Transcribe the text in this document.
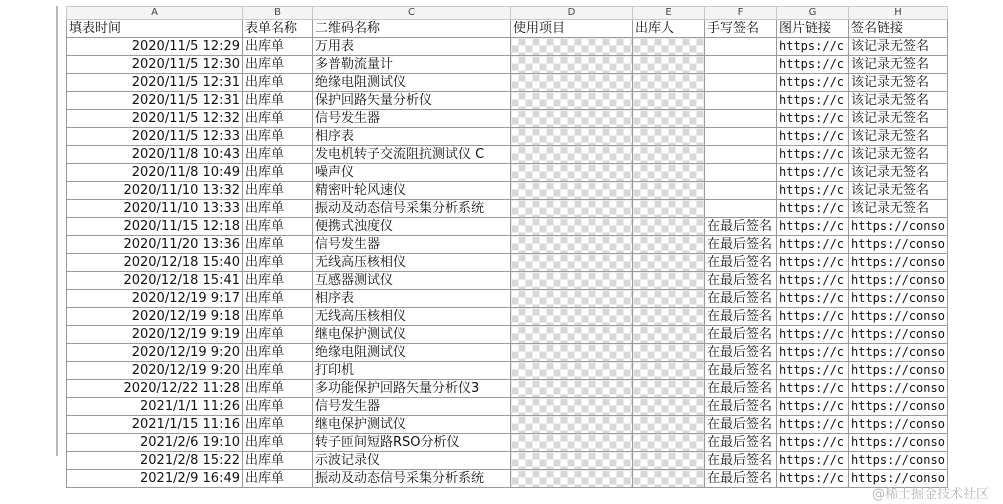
A	B	C	D	E	F	G	H
填表时间	表单名称	二维码名称	使用项目	出库人	手写签名	图片链接	签名链接
2020/11/5 12:29	出库单	万用表				https://c	该记录无签名
2020/11/5 12:30	出库单	多普勒流量计				https://c	该记录无签名
2020/11/5 12:31	出库单	绝缘电阻测试仪				https://c	该记录无签名
2020/11/5 12:31	出库单	保护回路矢量分析仪				https://c	该记录无签名
2020/11/5 12:32	出库单	信号发生器				https://c	该记录无签名
2020/11/5 12:33	出库单	相序表				https://c	该记录无签名
2020/11/8 10:43	出库单	发电机转子交流阻抗测试仪 C				https://c	该记录无签名
2020/11/8 10:49	出库单	噪声仪				https://c	该记录无签名
2020/11/10 13:32	出库单	精密叶轮风速仪				https://c	该记录无签名
2020/11/10 13:33	出库单	振动及动态信号采集分析系统				https://c	该记录无签名
2020/11/15 12:18	出库单	便携式浊度仪			在最后签名	https://c	https://conso
2020/11/20 13:36	出库单	信号发生器			在最后签名	https://c	https://conso
2020/12/18 15:40	出库单	无线高压核相仪			在最后签名	https://c	https://conso
2020/12/18 15:41	出库单	互感器测试仪			在最后签名	https://c	https://conso
2020/12/19 9:17	出库单	相序表			在最后签名	https://c	https://conso
2020/12/19 9:18	出库单	无线高压核相仪			在最后签名	https://c	https://conso
2020/12/19 9:19	出库单	继电保护测试仪			在最后签名	https://c	https://conso
2020/12/19 9:20	出库单	绝缘电阻测试仪			在最后签名	https://c	https://conso
2020/12/19 9:20	出库单	打印机			在最后签名	https://c	https://conso
2020/12/22 11:28	出库单	多功能保护回路矢量分析仪3			在最后签名	https://c	https://conso
2021/1/1 11:26	出库单	信号发生器			在最后签名	https://c	https://conso
2021/1/15 11:16	出库单	继电保护测试仪			在最后签名	https://c	https://conso
2021/2/6 19:10	出库单	转子匝间短路RSO分析仪			在最后签名	https://c	https://conso
2021/2/8 15:22	出库单	示波记录仪			在最后签名	https://c	https://conso
2021/2/9 16:49	出库单	振动及动态信号采集分析系统			在最后签名	https://c	https://conso
@稀土掘金技术社区
